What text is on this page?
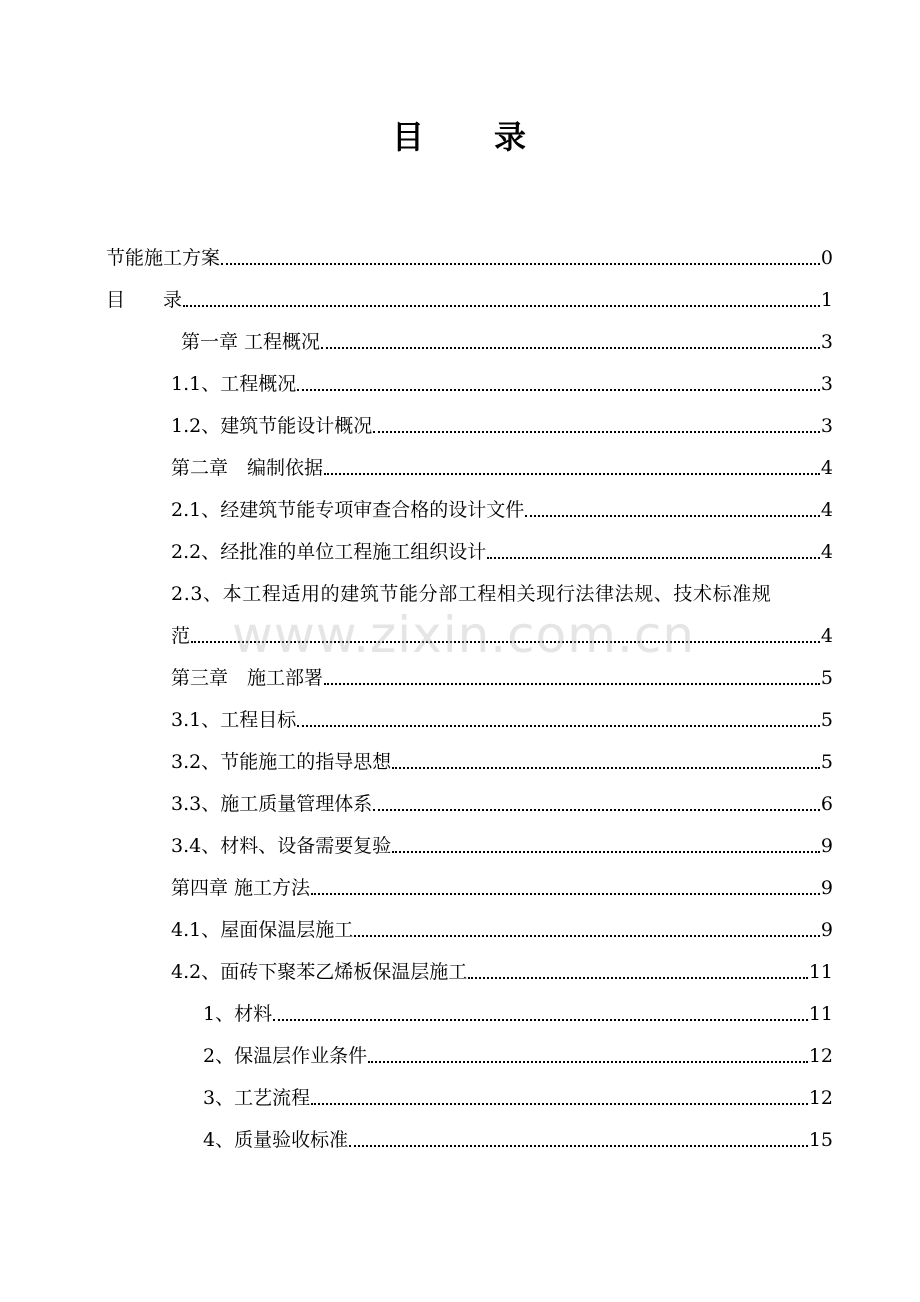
目　　录
节能施工方案	0
目　　录	1
第一章 工程概况	3
1.1、工程概况	3
1.2、建筑节能设计概况	3
第二章　编制依据	4
2.1、经建筑节能专项审查合格的设计文件	4
2.2、经批准的单位工程施工组织设计	4
2.3、本工程适用的建筑节能分部工程相关现行法律法规、技术标准规
范	4
第三章　施工部署	5
3.1、工程目标	5
3.2、节能施工的指导思想	5
3.3、施工质量管理体系	6
3.4、材料、设备需要复验	9
第四章 施工方法	9
4.1、屋面保温层施工	9
4.2、面砖下聚苯乙烯板保温层施工	11
1、材料	11
2、保温层作业条件	12
3、工艺流程	12
4、质量验收标准	15
www.zixin.com.cn
